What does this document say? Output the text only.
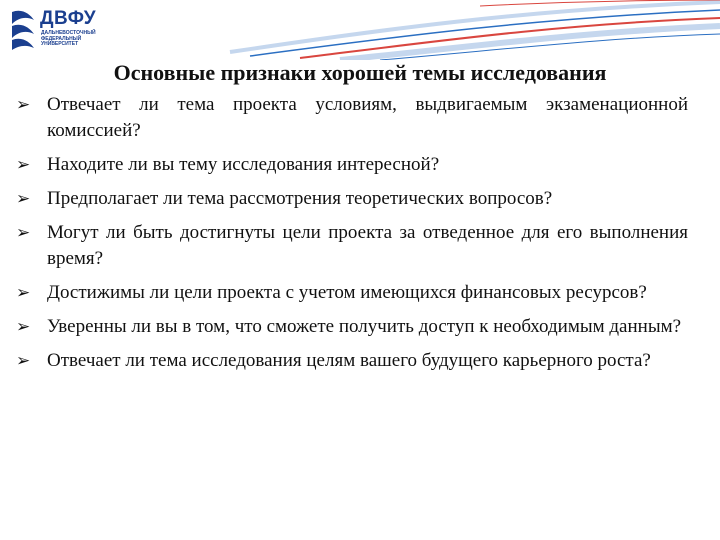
ДВФУ
ДАЛЬНЕВОСТОЧНЫЙ ФЕДЕРАЛЬНЫЙ УНИВЕРСИТЕТ
Основные признаки хорошей темы исследования
➢ Отвечает ли тема проекта условиям, выдвигаемым экзаменационной комиссией?
➢ Находите ли вы тему исследования интересной?
➢ Предполагает ли тема рассмотрения теоретических вопросов?
➢ Могут ли быть достигнуты цели проекта за отведенное для его выполнения время?
➢ Достижимы ли цели проекта с учетом имеющихся финансовых ресурсов?
➢ Уверенны ли вы в том, что сможете получить доступ к необходимым данным?
➢ Отвечает ли тема исследования целям вашего будущего карьерного роста?
